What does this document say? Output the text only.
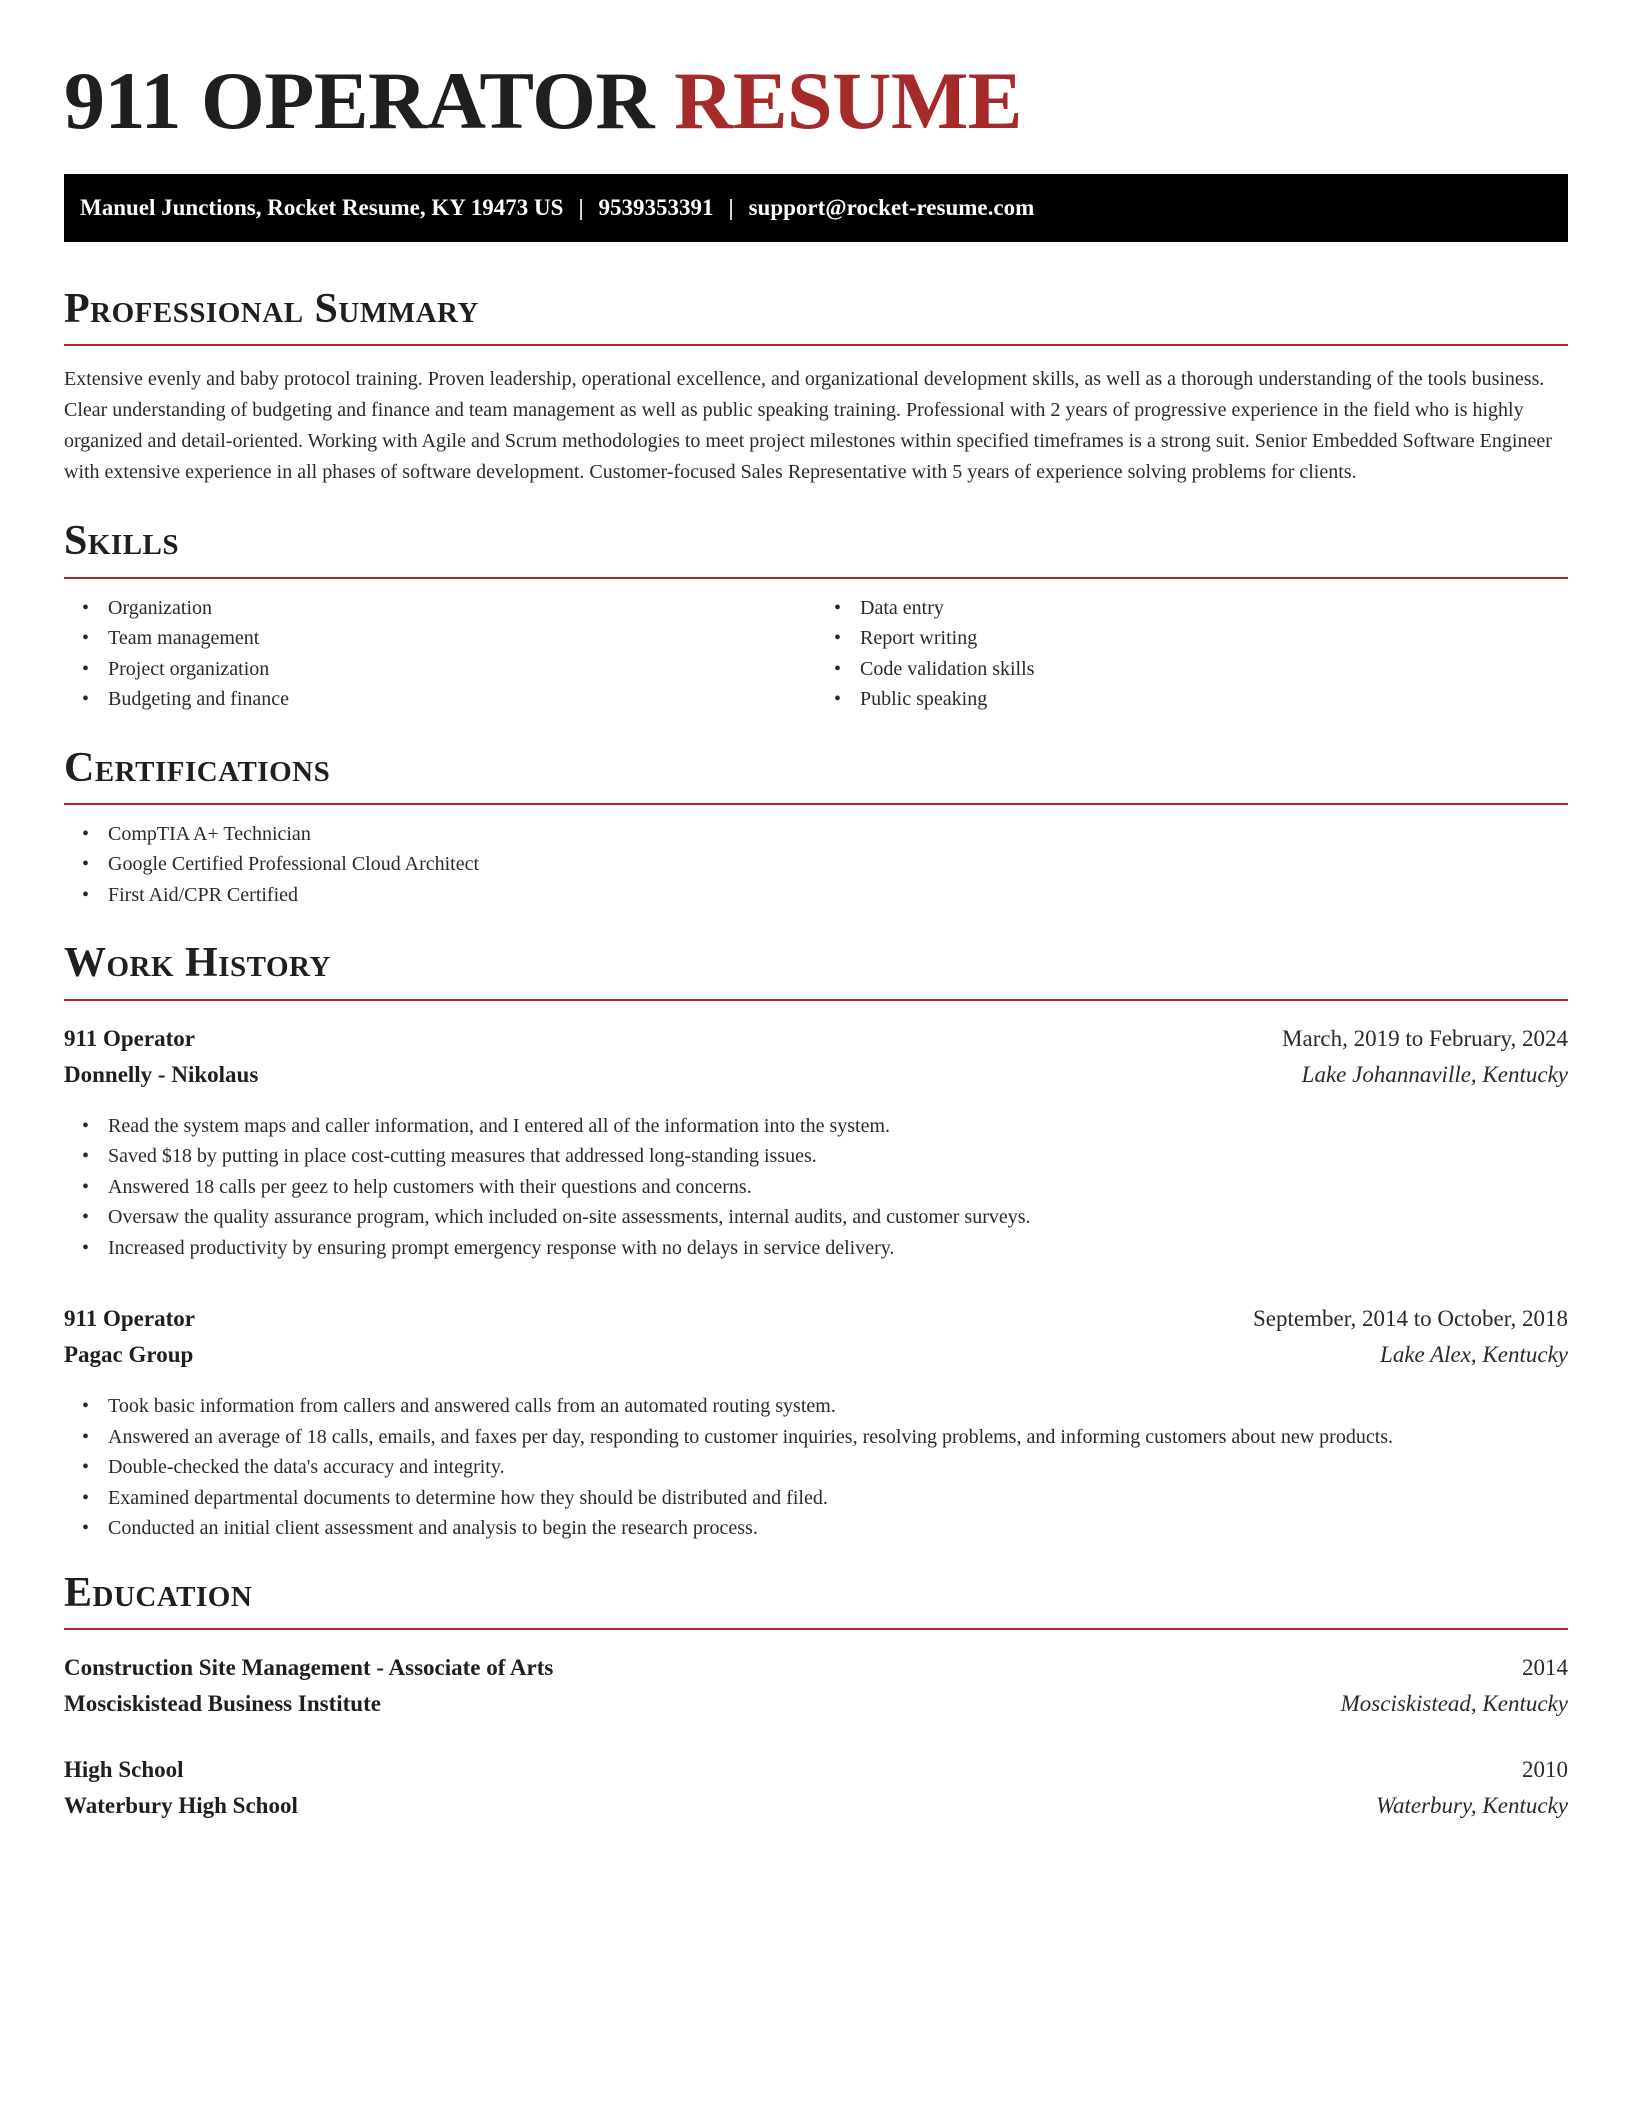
911 OPERATOR RESUME
Manuel Junctions, Rocket Resume, KY 19473 US | 9539353391 | support@rocket-resume.com
Professional Summary

Extensive evenly and baby protocol training. Proven leadership, operational excellence, and organizational development skills, as well as a thorough understanding of the tools business. Clear understanding of budgeting and finance and team management as well as public speaking training. Professional with 2 years of progressive experience in the field who is highly organized and detail-oriented. Working with Agile and Scrum methodologies to meet project milestones within specified timeframes is a strong suit. Senior Embedded Software Engineer with extensive experience in all phases of software development. Customer-focused Sales Representative with 5 years of experience solving problems for clients.

Skills
• Organization
• Team management
• Project organization
• Budgeting and finance
• Data entry
• Report writing
• Code validation skills
• Public speaking
Certifications
• CompTIA A+ Technician
• Google Certified Professional Cloud Architect
• First Aid/CPR Certified
Work History
911 Operator	March, 2019 to February, 2024
Donnelly - Nikolaus	Lake Johannaville, Kentucky
• Read the system maps and caller information, and I entered all of the information into the system.
• Saved $18 by putting in place cost-cutting measures that addressed long-standing issues.
• Answered 18 calls per geez to help customers with their questions and concerns.
• Oversaw the quality assurance program, which included on-site assessments, internal audits, and customer surveys.
• Increased productivity by ensuring prompt emergency response with no delays in service delivery.
911 Operator	September, 2014 to October, 2018
Pagac Group	Lake Alex, Kentucky
• Took basic information from callers and answered calls from an automated routing system.
• Answered an average of 18 calls, emails, and faxes per day, responding to customer inquiries, resolving problems, and informing customers about new products.
• Double-checked the data's accuracy and integrity.
• Examined departmental documents to determine how they should be distributed and filed.
• Conducted an initial client assessment and analysis to begin the research process.
Education
Construction Site Management - Associate of Arts	2014
Mosciskistead Business Institute	Mosciskistead, Kentucky
High School	2010
Waterbury High School	Waterbury, Kentucky
